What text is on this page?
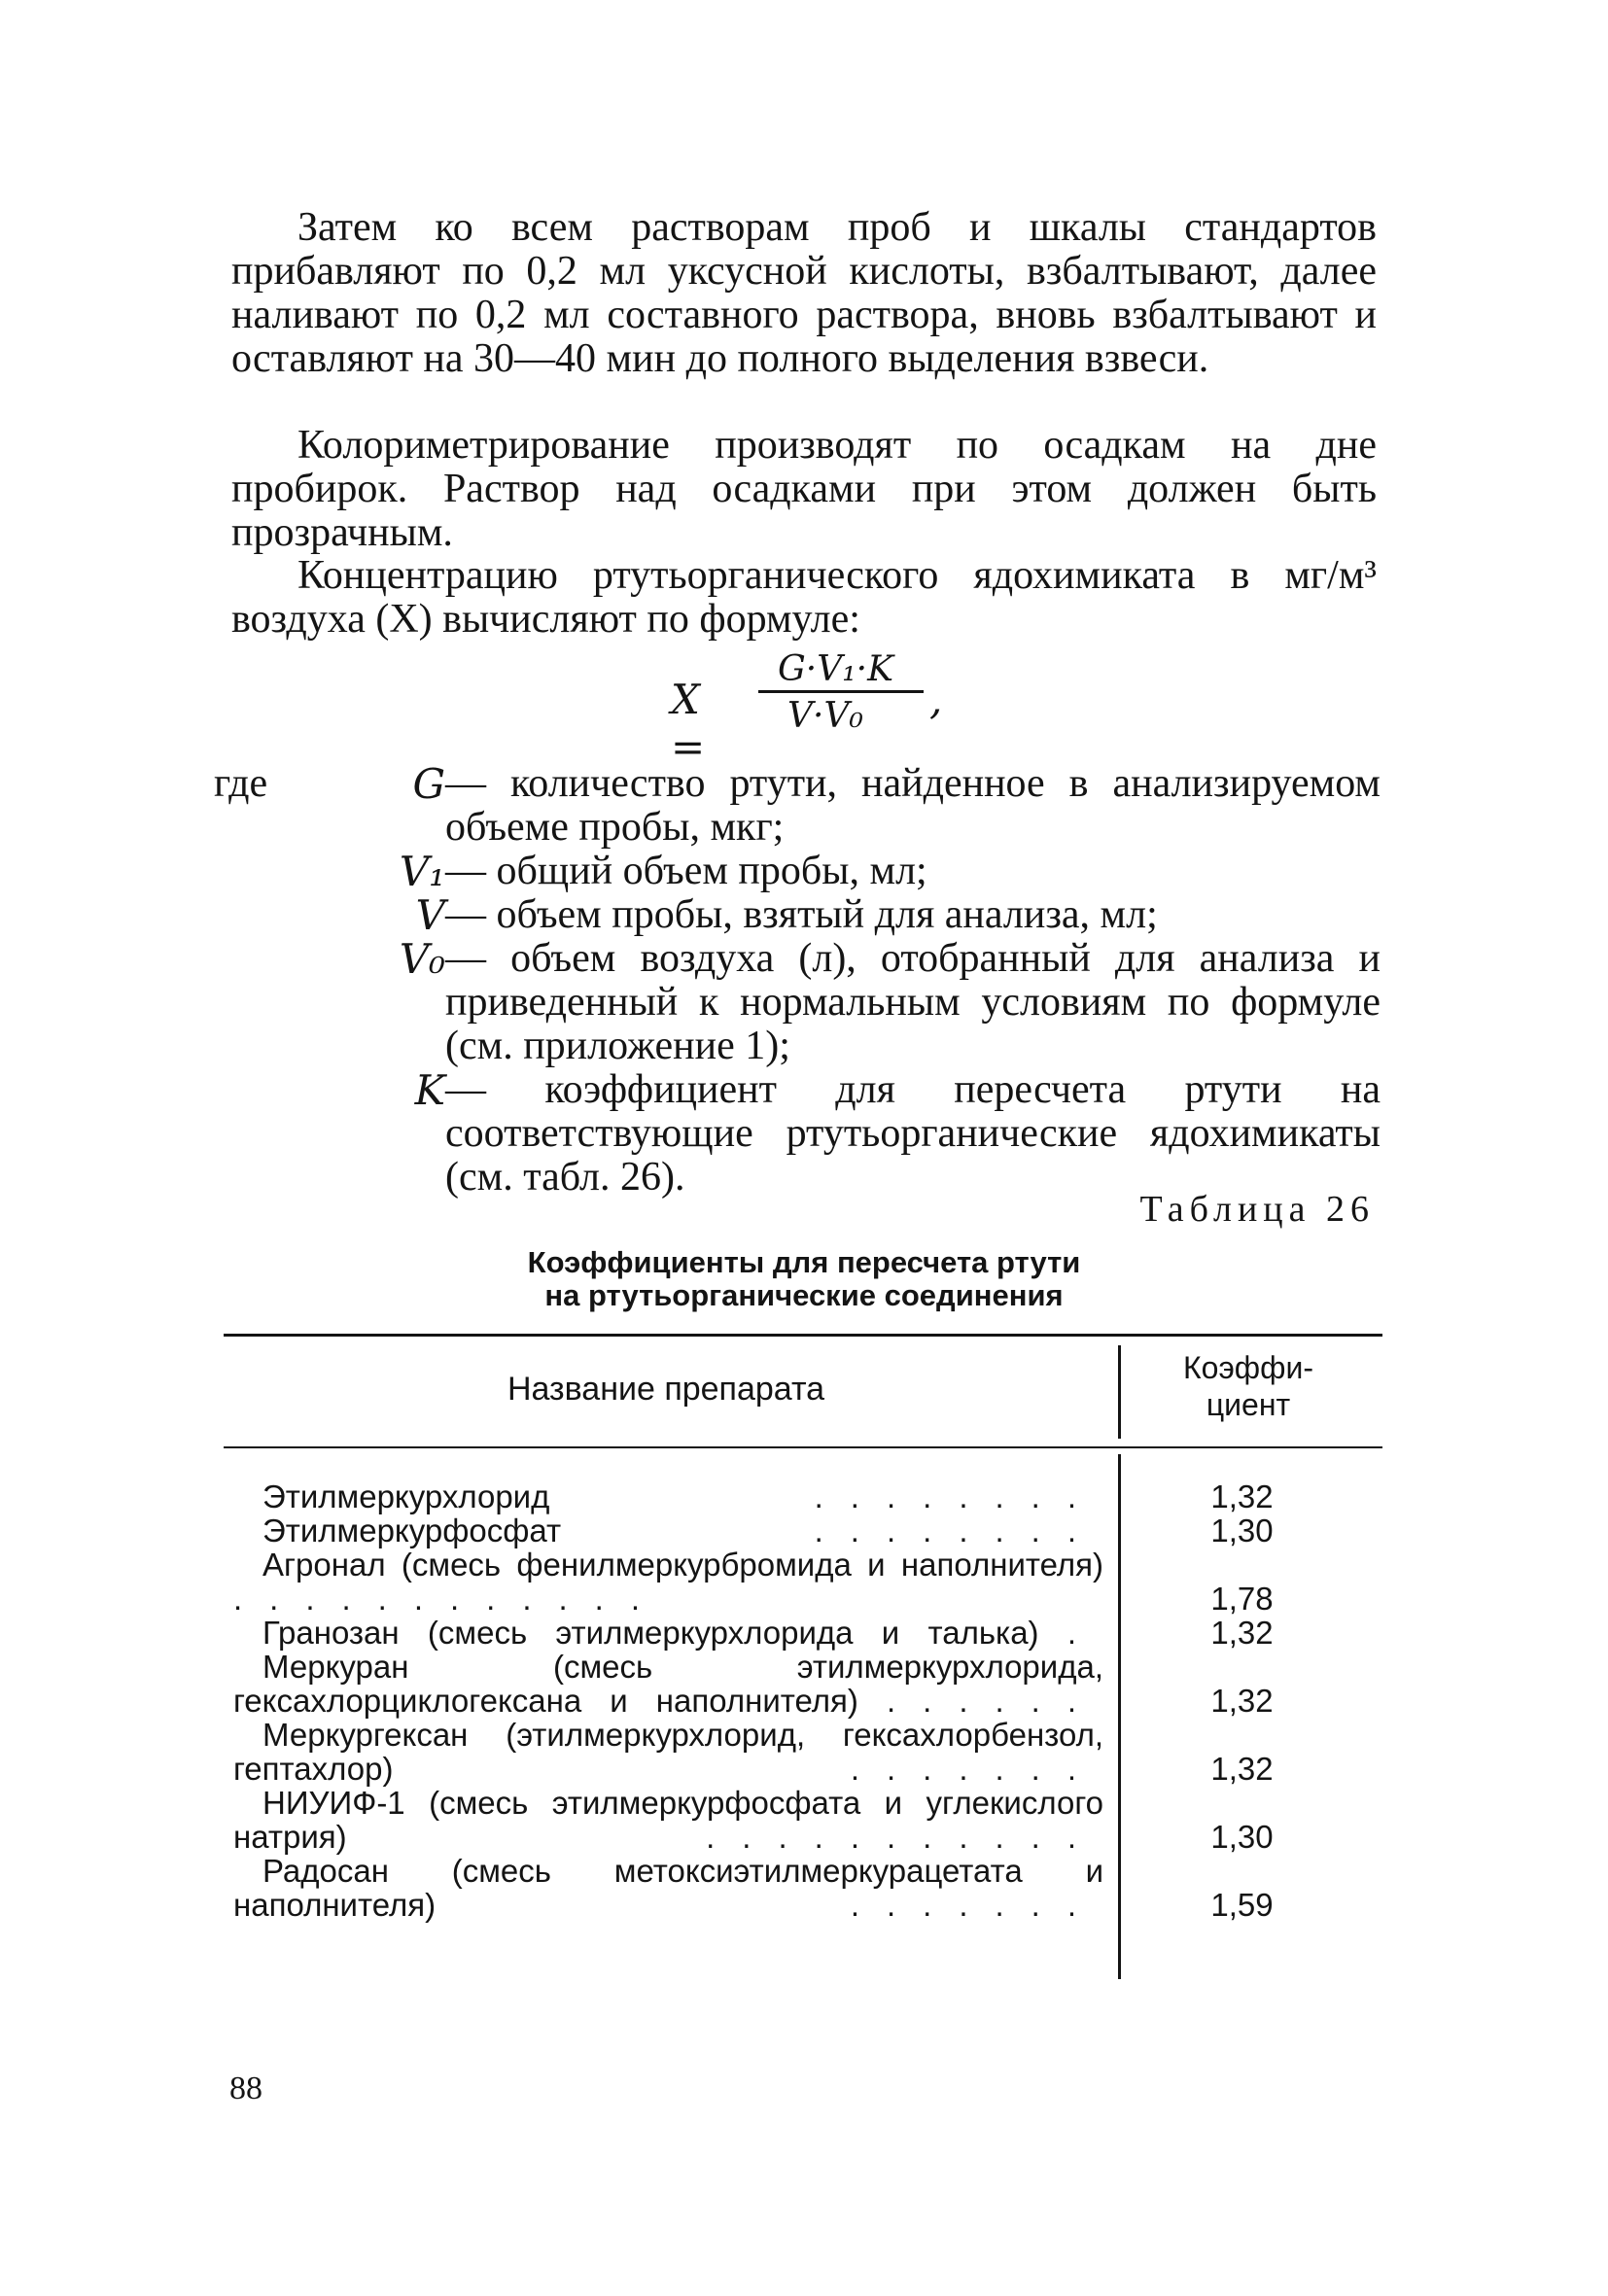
Затем ко всем растворам проб и шкалы стандартов прибавляют по 0,2 мл уксусной кислоты, взбалтывают, далее наливают по 0,2 мл составного раствора, вновь взбалтывают и оставляют на 30—40 мин до полного выделения взвеси.

Колориметрирование производят по осадкам на дне пробирок. Раствор над осадками при этом должен быть прозрачным.

Концентрацию ртутьорганического ядохимиката в мг/м³ воздуха (X) вычисляют по формуле:

X =
G·V₁·K
V·V₀ ,
где	G — количество ртути, найденное в анализируемом объеме пробы, мкг;
V₁ — общий объем пробы, мл;
V — объем пробы, взятый для анализа, мл;
V₀ — объем воздуха (л), отобранный для анализа и приведенный к нормальным условиям по формуле (см. приложение 1);
K — коэффициент для пересчета ртути на соответствующие ртутьорганические ядохимикаты (см. табл. 26).
Таблица 26
Коэффициенты для пересчета ртути
на ртутьорганические соединения
Название препарата
Коэффи-
циент
Этилмеркурхлорид	........	1,32
Этилмеркурфосфат	........	1,30
Агронал (смесь фенилмеркурбромида и наполнителя) ............	1,78
Гранозан (смесь этилмеркурхлорида и талька) .	1,32
Меркуран (смесь этилмеркурхлорида, гексахлорциклогексана и наполнителя) ......	1,32
Меркургексан (этилмеркурхлорид, гексахлорбензол, гептахлор)	.......	1,32
НИУИФ-1 (смесь этилмеркурфосфата и углекислого натрия)	...........	1,30
Радосан (смесь метоксиэтилмеркурацетата и наполнителя)	.......	1,59
88
